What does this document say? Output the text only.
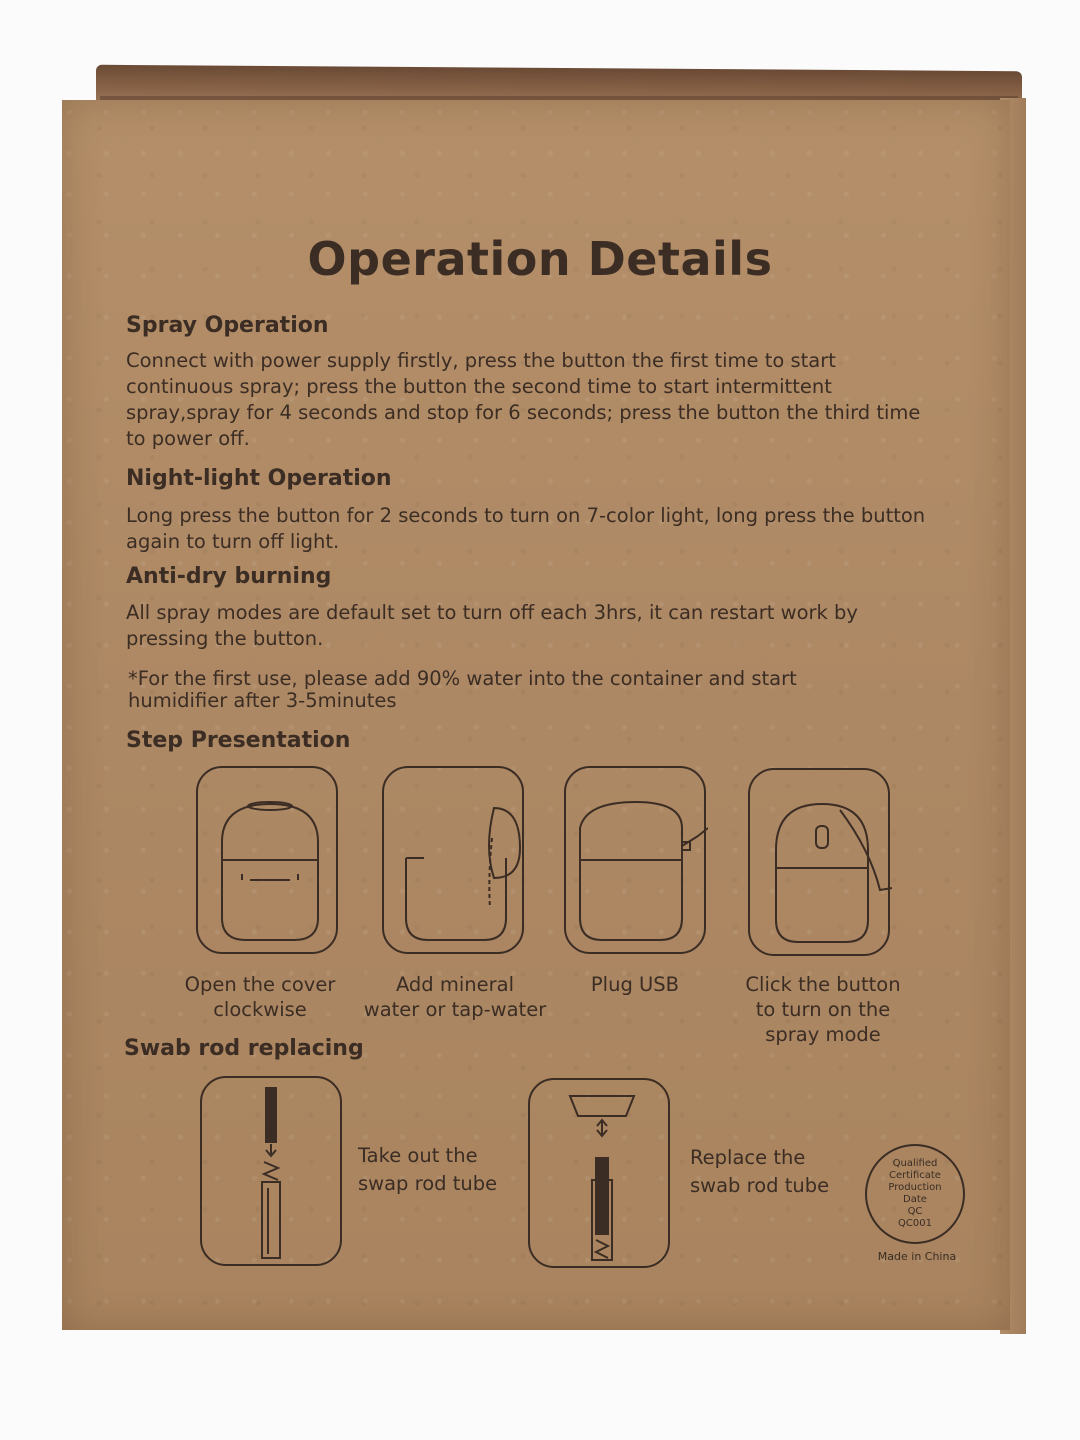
Operation Details
Spray Operation
Connect with power supply firstly, press the button the first time to start continuous spray; press the button the second time to start intermittent spray,spray for 4 seconds and stop for 6 seconds; press the button the third time to power off.
Night-light Operation
Long press the button for 2 seconds to turn on 7-color light, long press the button again to turn off light.
Anti-dry burning
All spray modes are default set to turn off each 3hrs, it can restart work by pressing the button.
*For the first use, please add 90% water into the container and start humidifier after 3-5minutes
Step Presentation
Open the cover
clockwise
Add mineral
water or tap-water
Plug USB	Click the button
to turn on the
spray mode
Swab rod replacing
Take out the
swap rod tube
Replace the
swab rod tube
Qualified
Certificate
Production
Date
QC
QC001
Made in China
